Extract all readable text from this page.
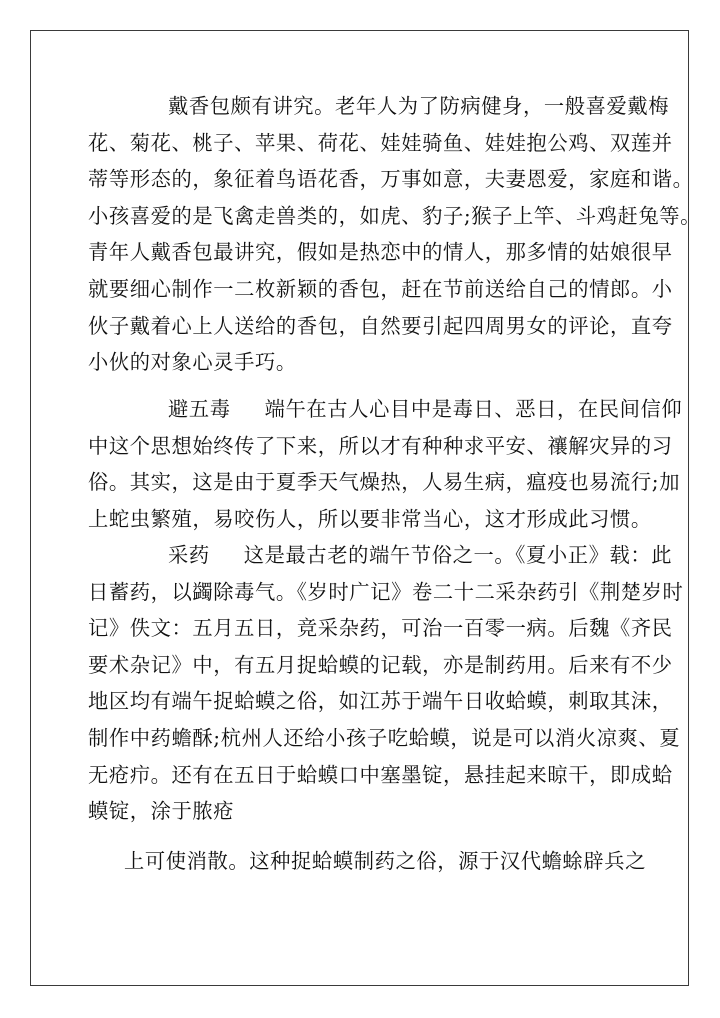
戴香包颇有讲究。老年人为了防病健身，一般喜爱戴梅
花、菊花、桃子、苹果、荷花、娃娃骑鱼、娃娃抱公鸡、双莲并
蒂等形态的，象征着鸟语花香，万事如意，夫妻恩爱，家庭和谐。
小孩喜爱的是飞禽走兽类的，如虎、豹子;猴子上竿、斗鸡赶兔等。
青年人戴香包最讲究，假如是热恋中的情人，那多情的姑娘很早
就要细心制作一二枚新颖的香包，赶在节前送给自己的情郎。小
伙子戴着心上人送给的香包，自然要引起四周男女的评论，直夸
小伙的对象心灵手巧。
避五毒 端午在古人心目中是毒日、恶日，在民间信仰
中这个思想始终传了下来，所以才有种种求平安、禳解灾异的习
俗。其实，这是由于夏季天气燥热，人易生病，瘟疫也易流行;加
上蛇虫繁殖，易咬伤人，所以要非常当心，这才形成此习惯。
采药 这是最古老的端午节俗之一。《夏小正》载：此
日蓄药，以蠲除毒气。《岁时广记》卷二十二采杂药引《荆楚岁时
记》佚文：五月五日，竞采杂药，可治一百零一病。后魏《齐民
要术杂记》中，有五月捉蛤蟆的记载，亦是制药用。后来有不少
地区均有端午捉蛤蟆之俗，如江苏于端午日收蛤蟆，刺取其沫，
制作中药蟾酥;杭州人还给小孩子吃蛤蟆，说是可以消火凉爽、夏
无疮疖。还有在五日于蛤蟆口中塞墨锭，悬挂起来晾干，即成蛤
蟆锭，涂于脓疮
上可使消散。这种捉蛤蟆制药之俗，源于汉代蟾蜍辟兵之
